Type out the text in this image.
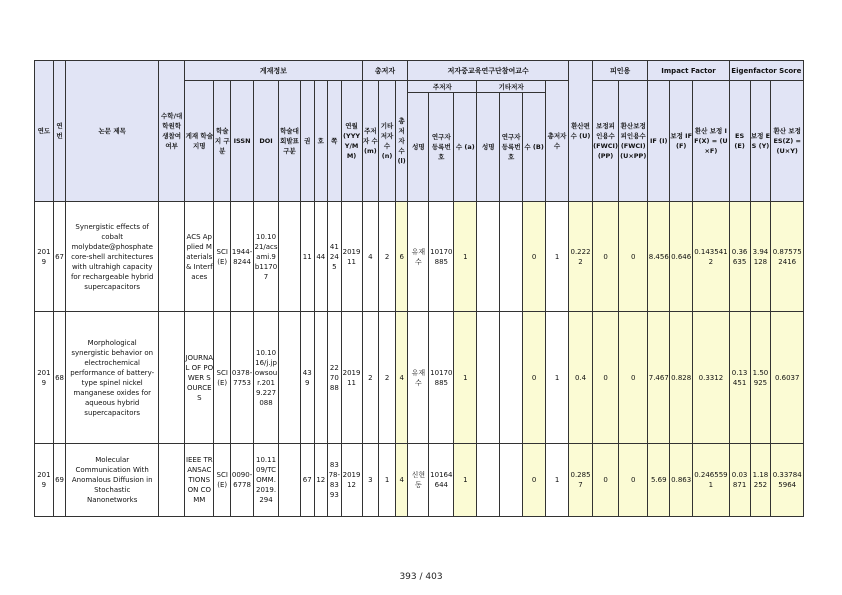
연도	연번	논문 제목	수학/대학원학생참여여부	게재정보									총저자			저자중교육연구단참여교수							환산편수 (U)	피인용		Impact Factor			Eigenfactor Score		
				게재 학술지명	학술지 구분	ISSN	DOI	학술대회발표 구분	권	호	쪽	연월 (YYYY/MM)	주저자 수 (m)	기타 저자 수 (n)	총 저자 수 (l)	주저자			기타저자			총저자수		보정피인용수 (FWCI) (PP)	환산보정피인용수 (FWCI) (U×PP)	IF (I)	보정 IF (F)	환산 보정 IF(X) = (U×F)	ES (E)	보정 ES (Y)	환산 보정 ES(Z) =(U×Y)
																성명	연구자 등록번호	수 (a)	성명	연구자 등록번호	수 (B)										
2019	67	Synergistic effects of cobalt molybdate@phosphate core-shell architectures with ultrahigh capacity for rechargeable hybrid supercapacitors		ACS Applied Materials & Interfaces	SCI(E)	1944-8244	10.1021/acsami.9b11707		11	44	41245	2019 11	4	2	6	유재수	10170885	1			0	1	0.2222	0	0	8.456	0.646	0.1435412	0.36635	3.94128	0.875752416
2019	68	Morphological synergistic behavior on electrochemical performance of battery-type spinel nickel manganese oxides for aqueous hybrid supercapacitors		JOURNAL OF POWER SOURCES	SCI(E)	0378-7753	10.1016/j.jpowsour.2019.227088		439		227088	2019 11	2	2	4	유재수	10170885	1			0	1	0.4	0	0	7.467	0.828	0.3312	0.13451	1.50925	0.6037
2019	69	Molecular Communication With Anomalous Diffusion in Stochastic Nanonetworks		IEEE TRANSACTIONS ON COMM	SCI(E)	0090-6778	10.1109/TCOMM.2019.294		67	12	8378-8393	2019 12	3	1	4	신현동	10164644	1			0	1	0.2857	0	0	5.69	0.863	0.2465591	0.03871	1.18252	0.337845964
393 / 403
